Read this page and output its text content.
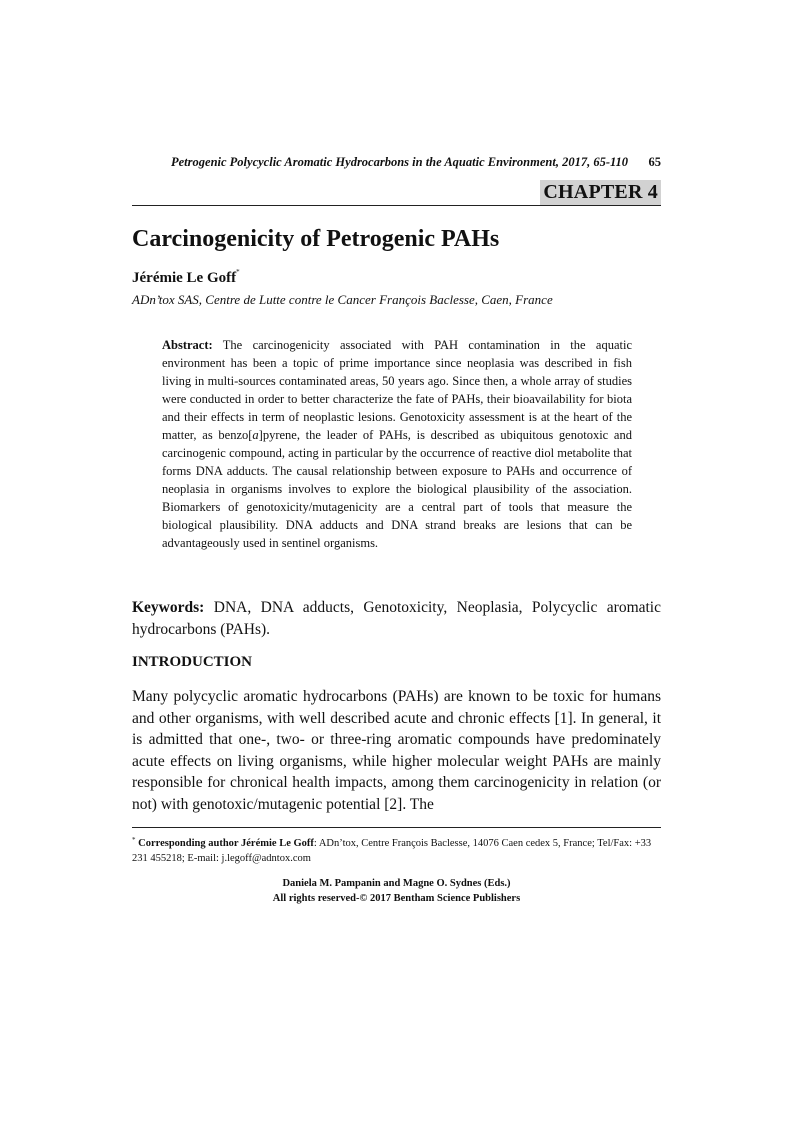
Petrogenic Polycyclic Aromatic Hydrocarbons in the Aquatic Environment, 2017, 65-110 65
CHAPTER 4
Carcinogenicity of Petrogenic PAHs
Jérémie Le Goff*
ADn’tox SAS, Centre de Lutte contre le Cancer François Baclesse, Caen, France

Abstract: The carcinogenicity associated with PAH contamination in the aquatic environment has been a topic of prime importance since neoplasia was described in fish living in multi-sources contaminated areas, 50 years ago. Since then, a whole array of studies were conducted in order to better characterize the fate of PAHs, their bioavailability for biota and their effects in term of neoplastic lesions. Genotoxicity assessment is at the heart of the matter, as benzo[a]pyrene, the leader of PAHs, is described as ubiquitous genotoxic and carcinogenic compound, acting in particular by the occurrence of reactive diol metabolite that forms DNA adducts. The causal relationship between exposure to PAHs and occurrence of neoplasia in organisms involves to explore the biological plausibility of the association. Biomarkers of genotoxicity/mutagenicity are a central part of tools that measure the biological plausibility. DNA adducts and DNA strand breaks are lesions that can be advantageously used in sentinel organisms.

Keywords: DNA, DNA adducts, Genotoxicity, Neoplasia, Polycyclic aromatic hydrocarbons (PAHs).

INTRODUCTION

Many polycyclic aromatic hydrocarbons (PAHs) are known to be toxic for humans and other organisms, with well described acute and chronic effects [1]. In general, it is admitted that one-, two- or three-ring aromatic compounds have predominately acute effects on living organisms, while higher molecular weight PAHs are mainly responsible for chronical health impacts, among them carcinogenicity in relation (or not) with genotoxic/mutagenic potential [2]. The

* Corresponding author Jérémie Le Goff: ADn’tox, Centre François Baclesse, 14076 Caen cedex 5, France; Tel/Fax: +33 231 455218; E-mail: j.legoff@adntox.com

Daniela M. Pampanin and Magne O. Sydnes (Eds.)
All rights reserved-© 2017 Bentham Science Publishers
